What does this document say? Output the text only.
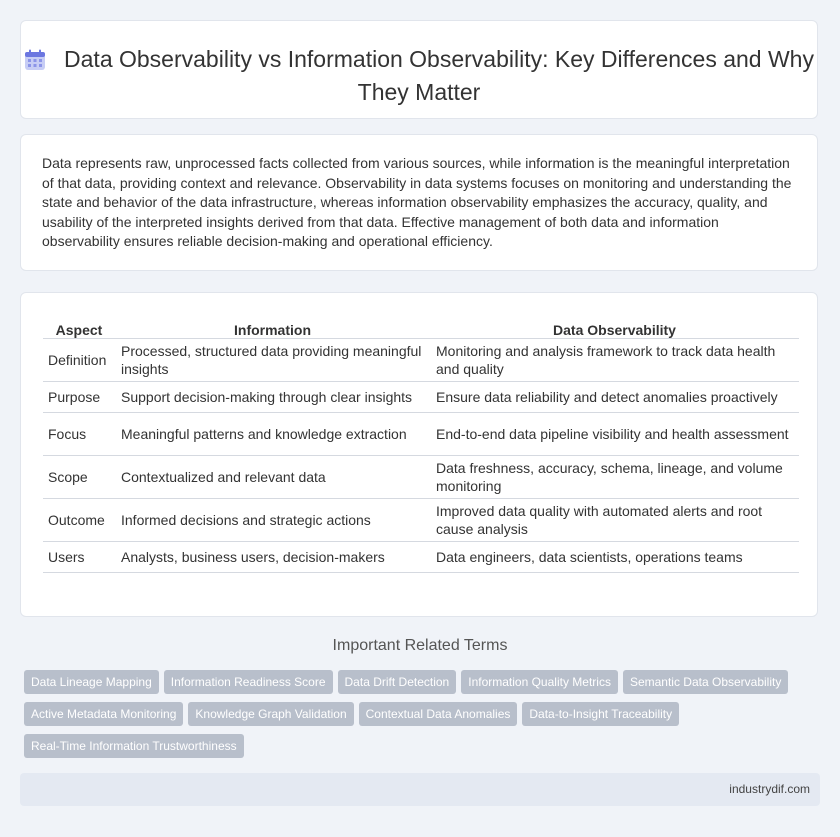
Data Observability vs Information Observability: Key Differences and Why They Matter

Data represents raw, unprocessed facts collected from various sources, while information is the meaningful interpretation of that data, providing context and relevance. Observability in data systems focuses on monitoring and understanding the state and behavior of the data infrastructure, whereas information observability emphasizes the accuracy, quality, and usability of the interpreted insights derived from that data. Effective management of both data and information observability ensures reliable decision-making and operational efficiency.

Aspect	Information	Data Observability
Definition	Processed, structured data providing meaningful insights	Monitoring and analysis framework to track data health and quality
Purpose	Support decision-making through clear insights	Ensure data reliability and detect anomalies proactively
Focus	Meaningful patterns and knowledge extraction	End-to-end data pipeline visibility and health assessment
Scope	Contextualized and relevant data	Data freshness, accuracy, schema, lineage, and volume monitoring
Outcome	Informed decisions and strategic actions	Improved data quality with automated alerts and root cause analysis
Users	Analysts, business users, decision-makers	Data engineers, data scientists, operations teams
Important Related Terms
Data Lineage Mapping Information Readiness Score Data Drift Detection Information Quality Metrics Semantic Data Observability
Active Metadata Monitoring Knowledge Graph Validation Contextual Data Anomalies Data-to-Insight Traceability
Real-Time Information Trustworthiness
industrydif.com
